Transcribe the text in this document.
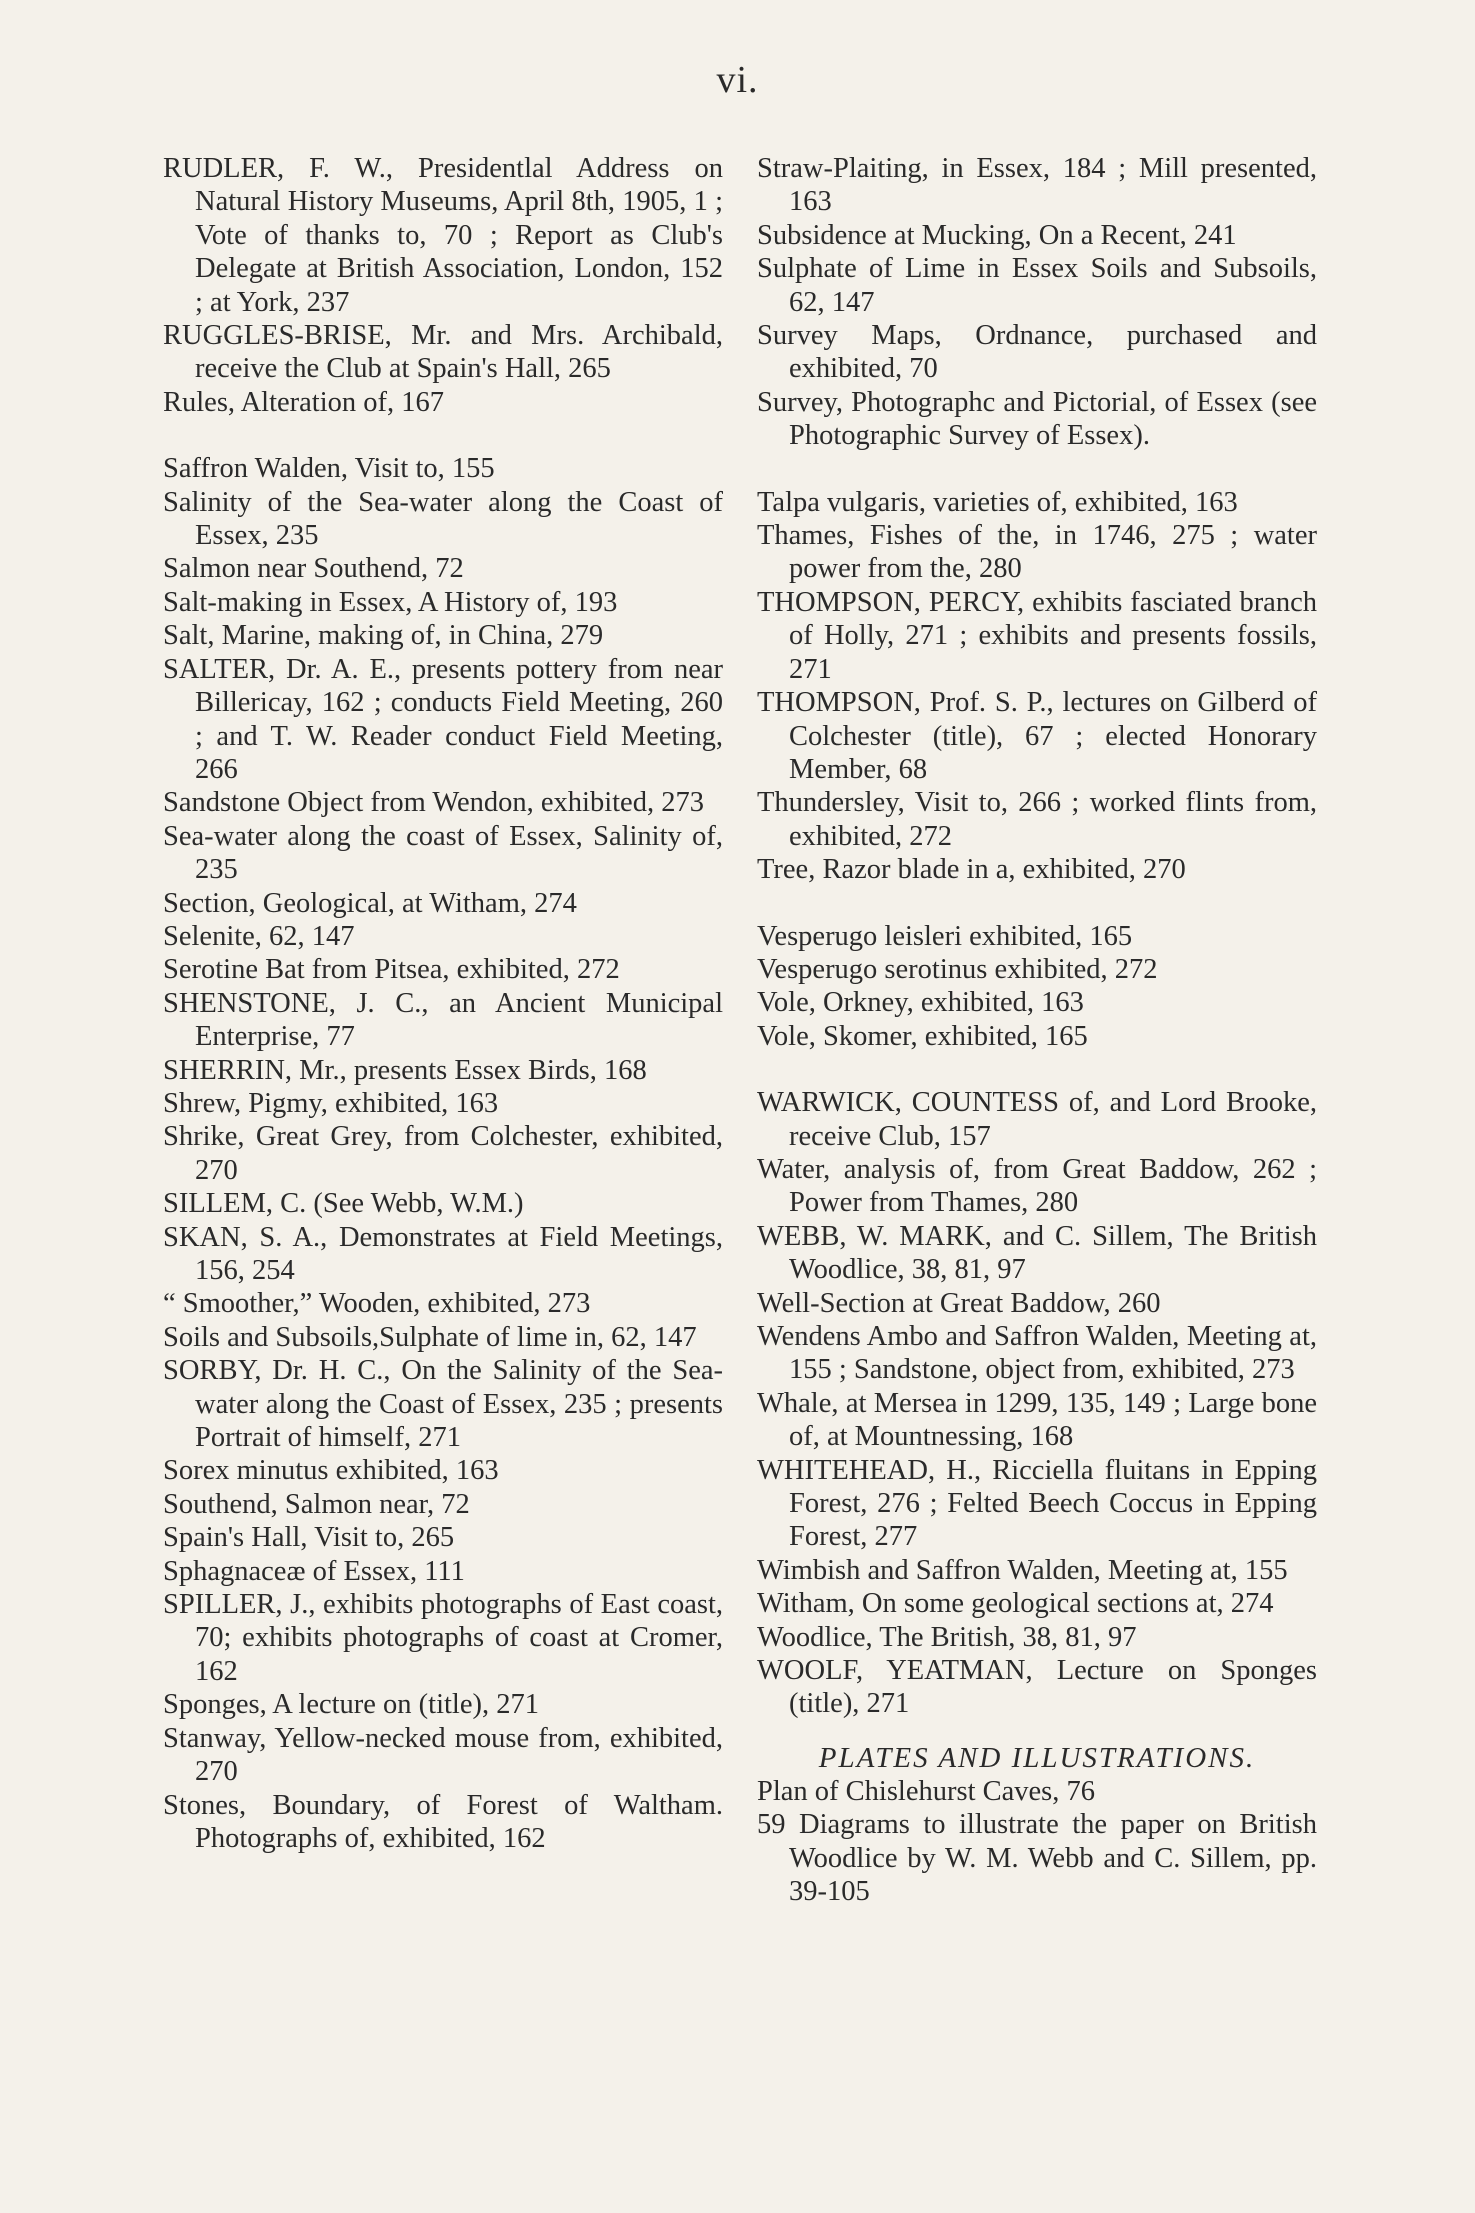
vi.

RUDLER, F. W., Presidentlal Address on Natural History Museums, April 8th, 1905, 1 ; Vote of thanks to, 70 ; Report as Club's Delegate at British Association, London, 152 ; at York, 237

RUGGLES-BRISE, Mr. and Mrs. Archibald, receive the Club at Spain's Hall, 265

Rules, Alteration of, 167

Saffron Walden, Visit to, 155

Salinity of the Sea-water along the Coast of Essex, 235

Salmon near Southend, 72

Salt-making in Essex, A History of, 193

Salt, Marine, making of, in China, 279

SALTER, Dr. A. E., presents pottery from near Billericay, 162 ; conducts Field Meeting, 260 ; and T. W. Reader conduct Field Meeting, 266

Sandstone Object from Wendon, exhibited, 273

Sea-water along the coast of Essex, Salinity of, 235

Section, Geological, at Witham, 274

Selenite, 62, 147

Serotine Bat from Pitsea, exhibited, 272

SHENSTONE, J. C., an Ancient Municipal Enterprise, 77

SHERRIN, Mr., presents Essex Birds, 168

Shrew, Pigmy, exhibited, 163

Shrike, Great Grey, from Colchester, exhibited, 270

SILLEM, C. (See Webb, W.M.)

SKAN, S. A., Demonstrates at Field Meetings, 156, 254

“ Smoother,” Wooden, exhibited, 273

Soils and Subsoils,Sulphate of lime in, 62, 147

SORBY, Dr. H. C., On the Salinity of the Sea-water along the Coast of Essex, 235 ; presents Portrait of himself, 271

Sorex minutus exhibited, 163

Southend, Salmon near, 72

Spain's Hall, Visit to, 265

Sphagnaceæ of Essex, 111

SPILLER, J., exhibits photographs of East coast, 70; exhibits photographs of coast at Cromer, 162

Sponges, A lecture on (title), 271

Stanway, Yellow-necked mouse from, exhibited, 270

Stones, Boundary, of Forest of Waltham. Photographs of, exhibited, 162

Straw-Plaiting, in Essex, 184 ; Mill presented, 163

Subsidence at Mucking, On a Recent, 241

Sulphate of Lime in Essex Soils and Subsoils, 62, 147

Survey Maps, Ordnance, purchased and exhibited, 70

Survey, Photographc and Pictorial, of Essex (see Photographic Survey of Essex).

Talpa vulgaris, varieties of, exhibited, 163

Thames, Fishes of the, in 1746, 275 ; water power from the, 280

THOMPSON, PERCY, exhibits fasciated branch of Holly, 271 ; exhibits and presents fossils, 271

THOMPSON, Prof. S. P., lectures on Gilberd of Colchester (title), 67 ; elected Honorary Member, 68

Thundersley, Visit to, 266 ; worked flints from, exhibited, 272

Tree, Razor blade in a, exhibited, 270

Vesperugo leisleri exhibited, 165

Vesperugo serotinus exhibited, 272

Vole, Orkney, exhibited, 163

Vole, Skomer, exhibited, 165

WARWICK, COUNTESS of, and Lord Brooke, receive Club, 157

Water, analysis of, from Great Baddow, 262 ; Power from Thames, 280

WEBB, W. MARK, and C. Sillem, The British Woodlice, 38, 81, 97

Well-Section at Great Baddow, 260

Wendens Ambo and Saffron Walden, Meeting at, 155 ; Sandstone, object from, exhibited, 273

Whale, at Mersea in 1299, 135, 149 ; Large bone of, at Mountnessing, 168

WHITEHEAD, H., Ricciella fluitans in Epping Forest, 276 ; Felted Beech Coccus in Epping Forest, 277

Wimbish and Saffron Walden, Meeting at, 155

Witham, On some geological sections at, 274

Woodlice, The British, 38, 81, 97

WOOLF, YEATMAN, Lecture on Sponges (title), 271

PLATES AND ILLUSTRATIONS.

Plan of Chislehurst Caves, 76

59 Diagrams to illustrate the paper on British Woodlice by W. M. Webb and C. Sillem, pp. 39-105
